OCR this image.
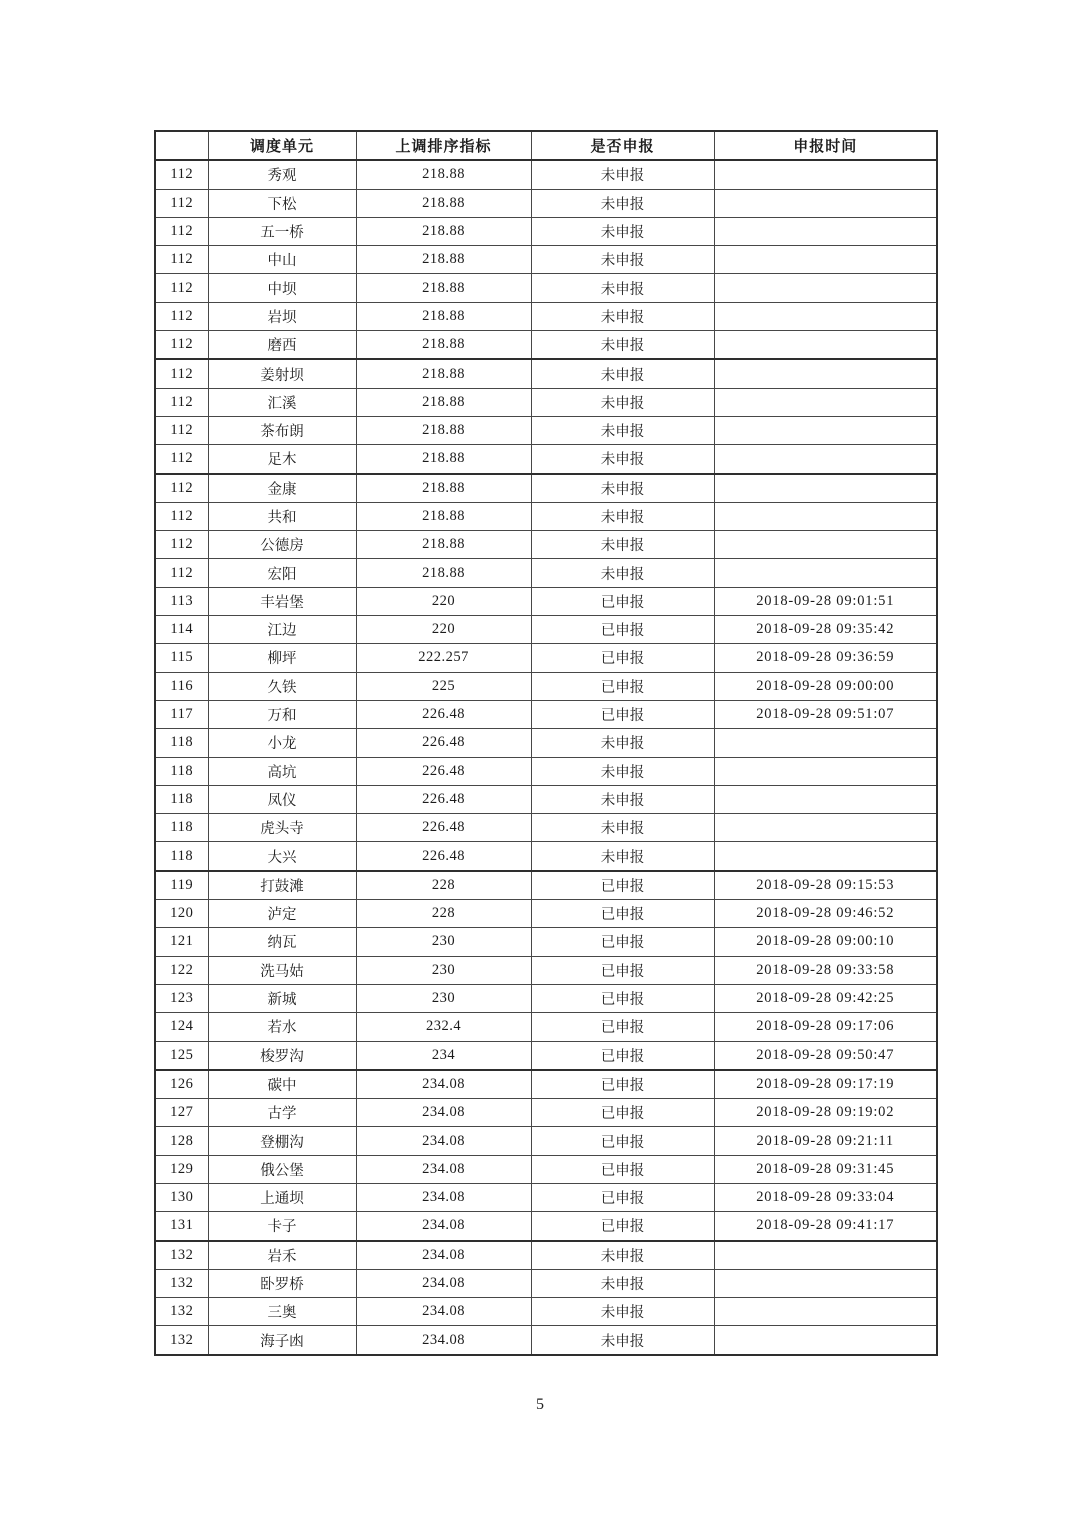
	调度单元	上调排序指标	是否申报	申报时间
112	秀观	218.88	未申报	
112	下松	218.88	未申报	
112	五一桥	218.88	未申报	
112	中山	218.88	未申报	
112	中坝	218.88	未申报	
112	岩坝	218.88	未申报	
112	磨西	218.88	未申报	
112	姜射坝	218.88	未申报	
112	汇溪	218.88	未申报	
112	茶布朗	218.88	未申报	
112	足木	218.88	未申报	
112	金康	218.88	未申报	
112	共和	218.88	未申报	
112	公德房	218.88	未申报	
112	宏阳	218.88	未申报	
113	丰岩堡	220	已申报	2018-09-28 09:01:51
114	江边	220	已申报	2018-09-28 09:35:42
115	柳坪	222.257	已申报	2018-09-28 09:36:59
116	久铁	225	已申报	2018-09-28 09:00:00
117	万和	226.48	已申报	2018-09-28 09:51:07
118	小龙	226.48	未申报	
118	高坑	226.48	未申报	
118	凤仪	226.48	未申报	
118	虎头寺	226.48	未申报	
118	大兴	226.48	未申报	
119	打鼓滩	228	已申报	2018-09-28 09:15:53
120	泸定	228	已申报	2018-09-28 09:46:52
121	纳瓦	230	已申报	2018-09-28 09:00:10
122	洗马姑	230	已申报	2018-09-28 09:33:58
123	新城	230	已申报	2018-09-28 09:42:25
124	若水	232.4	已申报	2018-09-28 09:17:06
125	梭罗沟	234	已申报	2018-09-28 09:50:47
126	碳中	234.08	已申报	2018-09-28 09:17:19
127	古学	234.08	已申报	2018-09-28 09:19:02
128	登棚沟	234.08	已申报	2018-09-28 09:21:11
129	俄公堡	234.08	已申报	2018-09-28 09:31:45
130	上通坝	234.08	已申报	2018-09-28 09:33:04
131	卡子	234.08	已申报	2018-09-28 09:41:17
132	岩禾	234.08	未申报	
132	卧罗桥	234.08	未申报	
132	三奥	234.08	未申报	
132	海子凼	234.08	未申报	
5
